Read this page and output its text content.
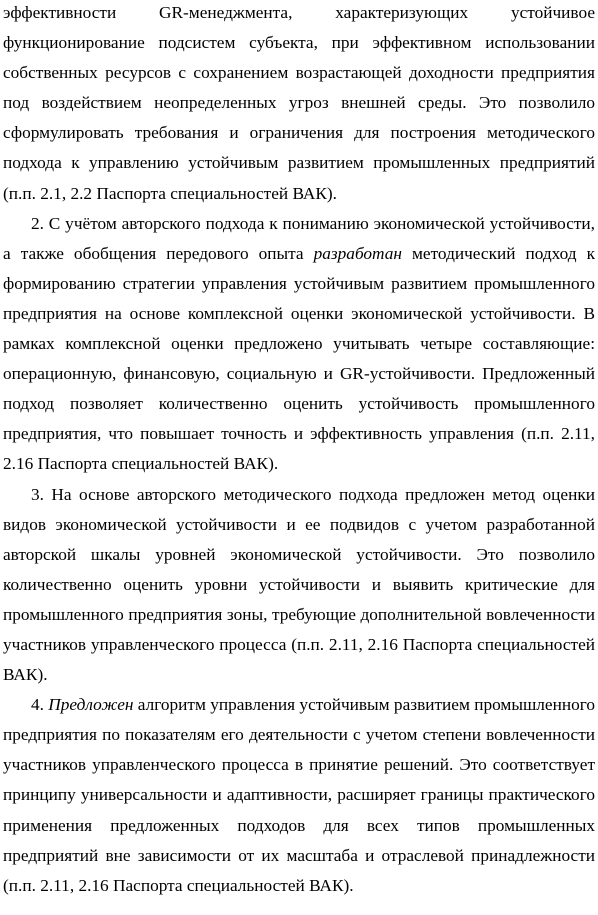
эффективности GR-менеджмента, характеризующих устойчивое функционирование подсистем субъекта, при эффективном использовании собственных ресурсов с сохранением возрастающей доходности предприятия под воздействием неопределенных угроз внешней среды. Это позволило сформулировать требования и ограничения для построения методического подхода к управлению устойчивым развитием промышленных предприятий (п.п. 2.1, 2.2 Паспорта специальностей ВАК).

2. С учётом авторского подхода к пониманию экономической устойчивости, а также обобщения передового опыта разработан методический подход к формированию стратегии управления устойчивым развитием промышленного предприятия на основе комплексной оценки экономической устойчивости. В рамках комплексной оценки предложено учитывать четыре составляющие: операционную, финансовую, социальную и GR-устойчивости. Предложенный подход позволяет количественно оценить устойчивость промышленного предприятия, что повышает точность и эффективность управления (п.п. 2.11, 2.16 Паспорта специальностей ВАК).

3. На основе авторского методического подхода предложен метод оценки видов экономической устойчивости и ее подвидов с учетом разработанной авторской шкалы уровней экономической устойчивости. Это позволило количественно оценить уровни устойчивости и выявить критические для промышленного предприятия зоны, требующие дополнительной вовлеченности участников управленческого процесса (п.п. 2.11, 2.16 Паспорта специальностей ВАК).

4. Предложен алгоритм управления устойчивым развитием промышленного предприятия по показателям его деятельности с учетом степени вовлеченности участников управленческого процесса в принятие решений. Это соответствует принципу универсальности и адаптивности, расширяет границы практического применения предложенных подходов для всех типов промышленных предприятий вне зависимости от их масштаба и отраслевой принадлежности (п.п. 2.11, 2.16 Паспорта специальностей ВАК).
